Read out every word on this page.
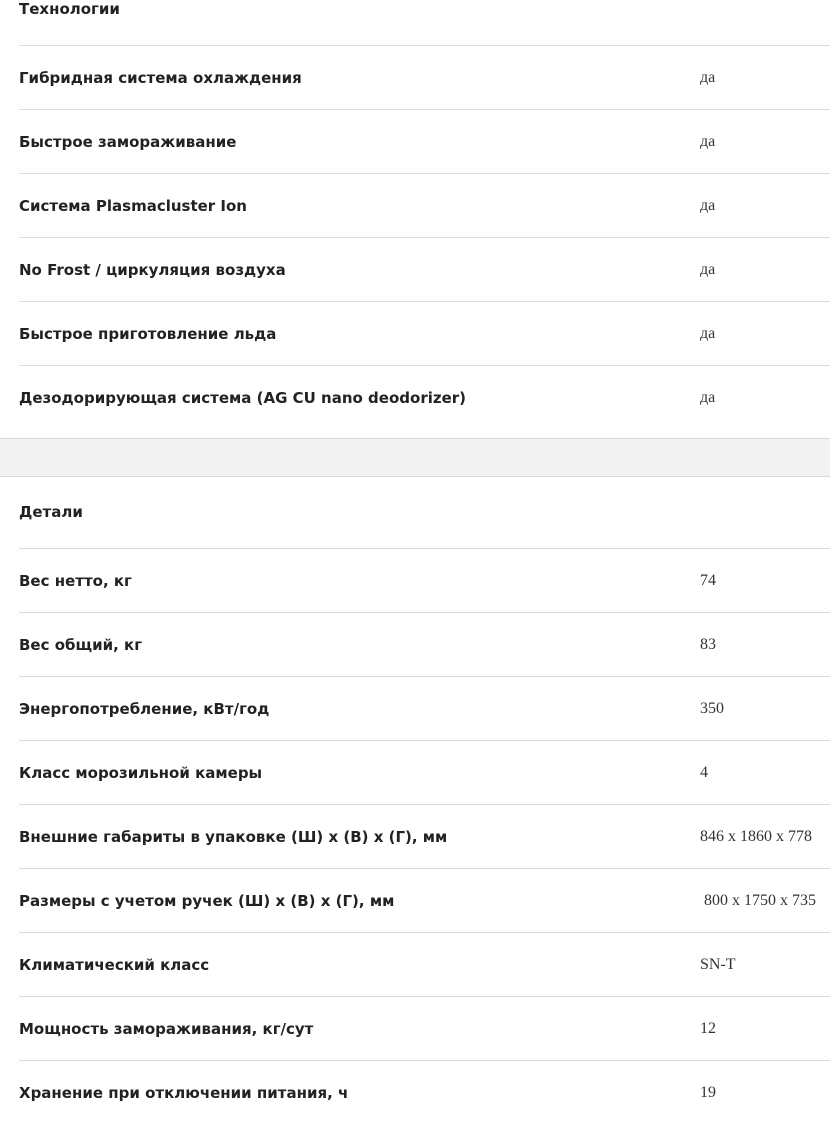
Технологии
Гибридная система охлаждения	да
Быстрое замораживание	да
Система Plasmacluster Ion	да
No Frost / циркуляция воздуха	да
Быстрое приготовление льда	да
Дезодорирующая система (AG CU nano deodorizer)	да
Детали
Вес нетто, кг	74
Вес общий, кг	83
Энергопотребление, кВт/год	350
Класс морозильной камеры	4
Внешние габариты в упаковке (Ш) х (В) х (Г), мм	846 x 1860 x 778
Размеры с учетом ручек (Ш) х (В) х (Г), мм	800 x 1750 x 735
Климатический класс	SN-T
Мощность замораживания, кг/сут	12
Хранение при отключении питания, ч	19
